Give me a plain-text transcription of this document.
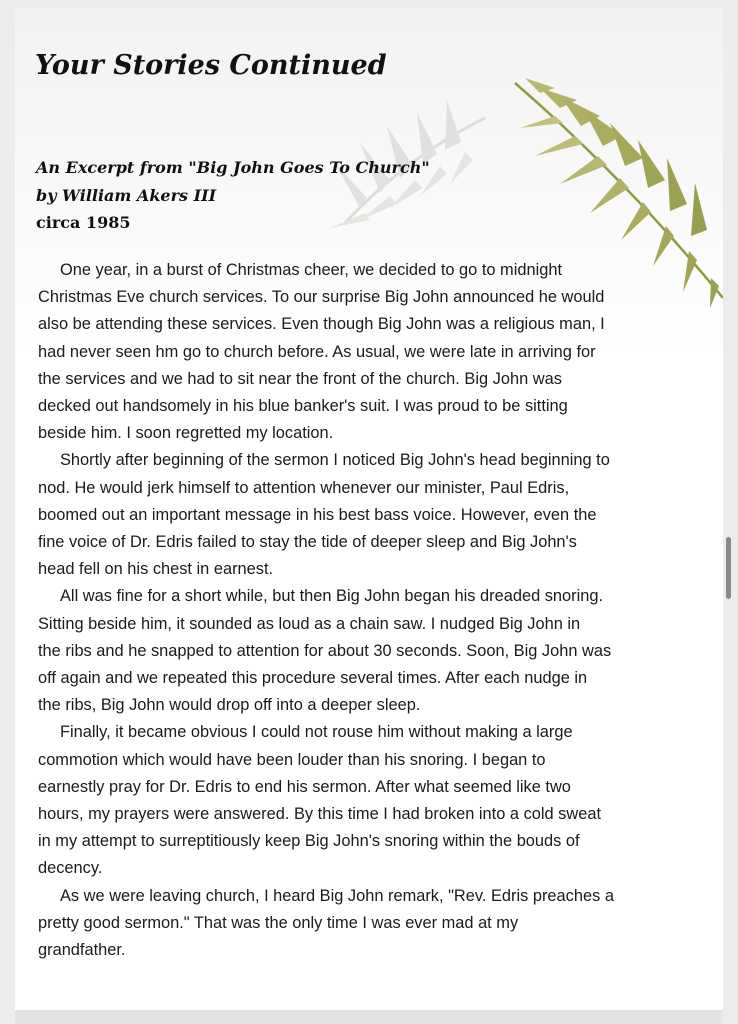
Your Stories Continued
An Excerpt from "Big John Goes To Church"
by William Akers III
circa 1985
One year, in a burst of Christmas cheer, we decided to go to midnight
Christmas Eve church services. To our surprise Big John announced he would
also be attending these services. Even though Big John was a religious man, I
had never seen hm go to church before. As usual, we were late in arriving for
the services and we had to sit near the front of the church. Big John was
decked out handsomely in his blue banker's suit. I was proud to be sitting
beside him. I soon regretted my location.
Shortly after beginning of the sermon I noticed Big John's head beginning to
nod. He would jerk himself to attention whenever our minister, Paul Edris,
boomed out an important message in his best bass voice. However, even the
fine voice of Dr. Edris failed to stay the tide of deeper sleep and Big John's
head fell on his chest in earnest.
All was fine for a short while, but then Big John began his dreaded snoring.
Sitting beside him, it sounded as loud as a chain saw. I nudged Big John in
the ribs and he snapped to attention for about 30 seconds. Soon, Big John was
off again and we repeated this procedure several times. After each nudge in
the ribs, Big John would drop off into a deeper sleep.
Finally, it became obvious I could not rouse him without making a large
commotion which would have been louder than his snoring. I began to
earnestly pray for Dr. Edris to end his sermon. After what seemed like two
hours, my prayers were answered. By this time I had broken into a cold sweat
in my attempt to surreptitiously keep Big John's snoring within the bouds of
decency.
As we were leaving church, I heard Big John remark, "Rev. Edris preaches a
pretty good sermon." That was the only time I was ever mad at my
grandfather.
